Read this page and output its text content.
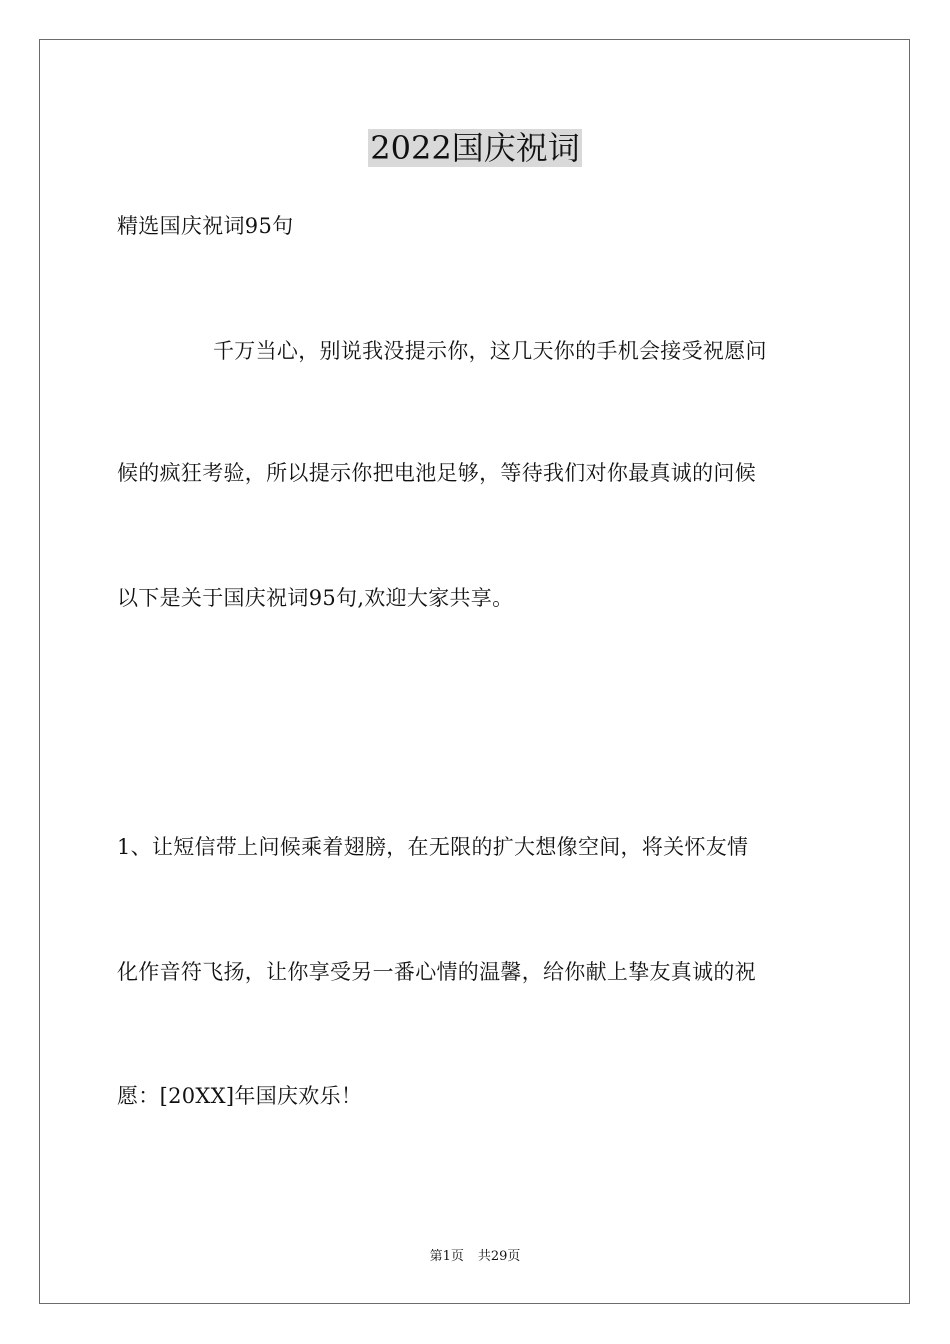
2022国庆祝词
精选国庆祝词95句
千万当心，别说我没提示你，这几天你的手机会接受祝愿问
候的疯狂考验，所以提示你把电池足够，等待我们对你最真诚的问候
以下是关于国庆祝词95句,欢迎大家共享。
1、让短信带上问候乘着翅膀，在无限的扩大想像空间，将关怀友情
化作音符飞扬，让你享受另一番心情的温馨，给你献上挚友真诚的祝
愿：[20XX]年国庆欢乐！
第1页 共29页
